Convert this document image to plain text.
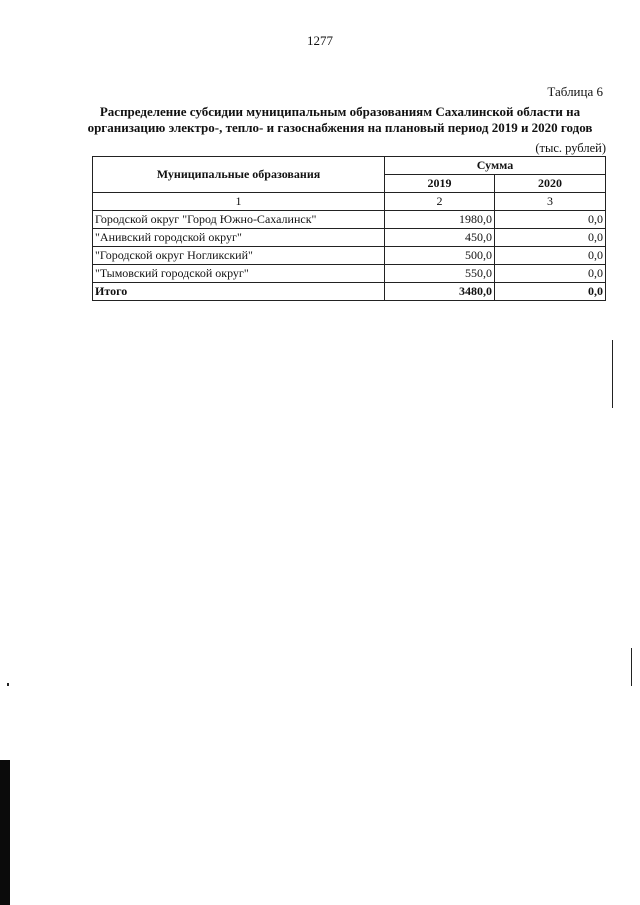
1277
Таблица 6
Распределение субсидии муниципальным образованиям Сахалинской области на
организацию электро-, тепло- и газоснабжения на плановый период 2019 и 2020 годов
(тыс. рублей)
Муниципальные образования	Сумма	
	2019	2020
1	2	3
Городской округ "Город Южно-Сахалинск"	1980,0	0,0
"Анивский городской округ"	450,0	0,0
"Городской округ Ногликский"	500,0	0,0
"Тымовский городской округ"	550,0	0,0
Итого	3480,0	0,0
